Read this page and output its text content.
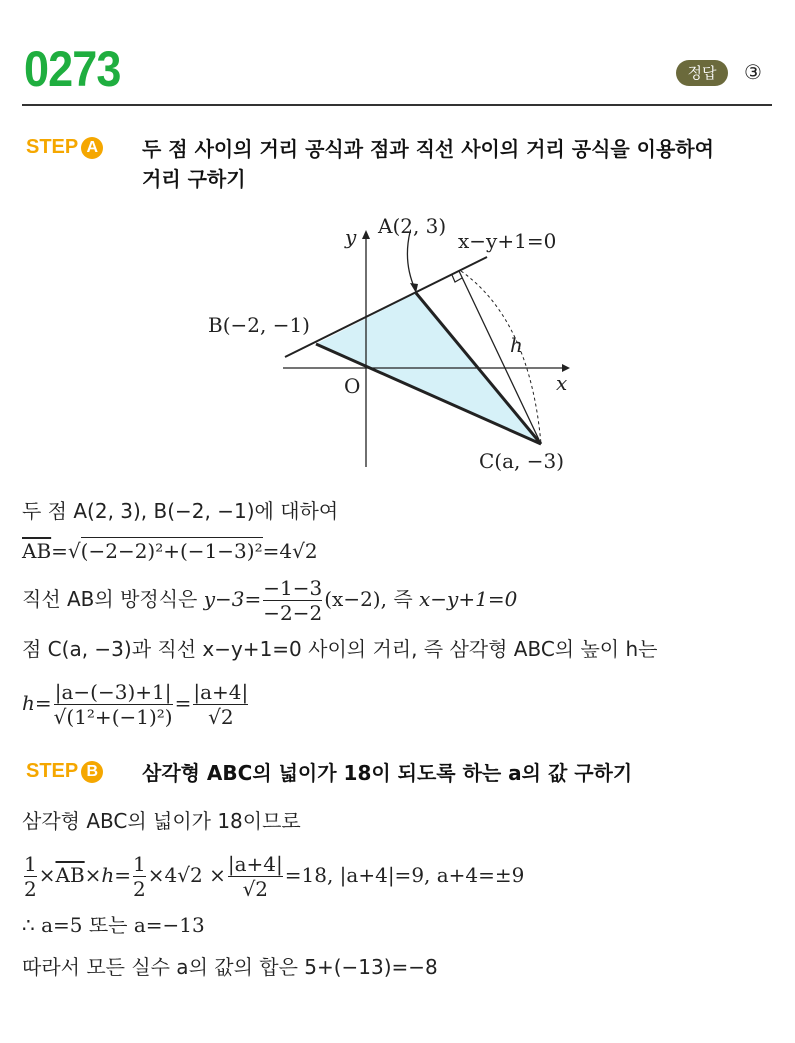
0273	정답	③
STEP A 두 점 사이의 거리 공식과 점과 직선 사이의 거리 공식을 이용하여
거리 구하기
y
x
O
A(2, 3)
B(−2, −1)
C(a, −3)
x−y+1=0
h
두 점 A(2, 3), B(−2, −1)에 대하여
$\overline{AB}=√(-2-2)^2+(-1-3)^2=4√2$
직선 AB의 방정식은 $y-3= \frac{-1-3}{-2-2} (x-2)$, 즉 x−y+1=0
점 C(a, −3)과 직선 x−y+1=0 사이의 거리, 즉 삼각형 ABC의 높이 h는
$h= \frac{|a-(-3)+1|}{\text{√(1²+(−1)²)}} = \frac{|a+4|}{√2}$
STEP B 삼각형 ABC의 넓이가 18이 되도록 하는 a의 값 구하기
삼각형 ABC의 넓이가 18이므로
$\frac{1}{2} \times\overline{AB}\times h= \frac{1}{2} \times 4√2 \times \frac{|a+4|}{√2} =18$, |a+4|=9, a+4=±9
∴ a=5 또는 a=−13
따라서 모든 실수 a의 값의 합은 5+(−13)=−8
